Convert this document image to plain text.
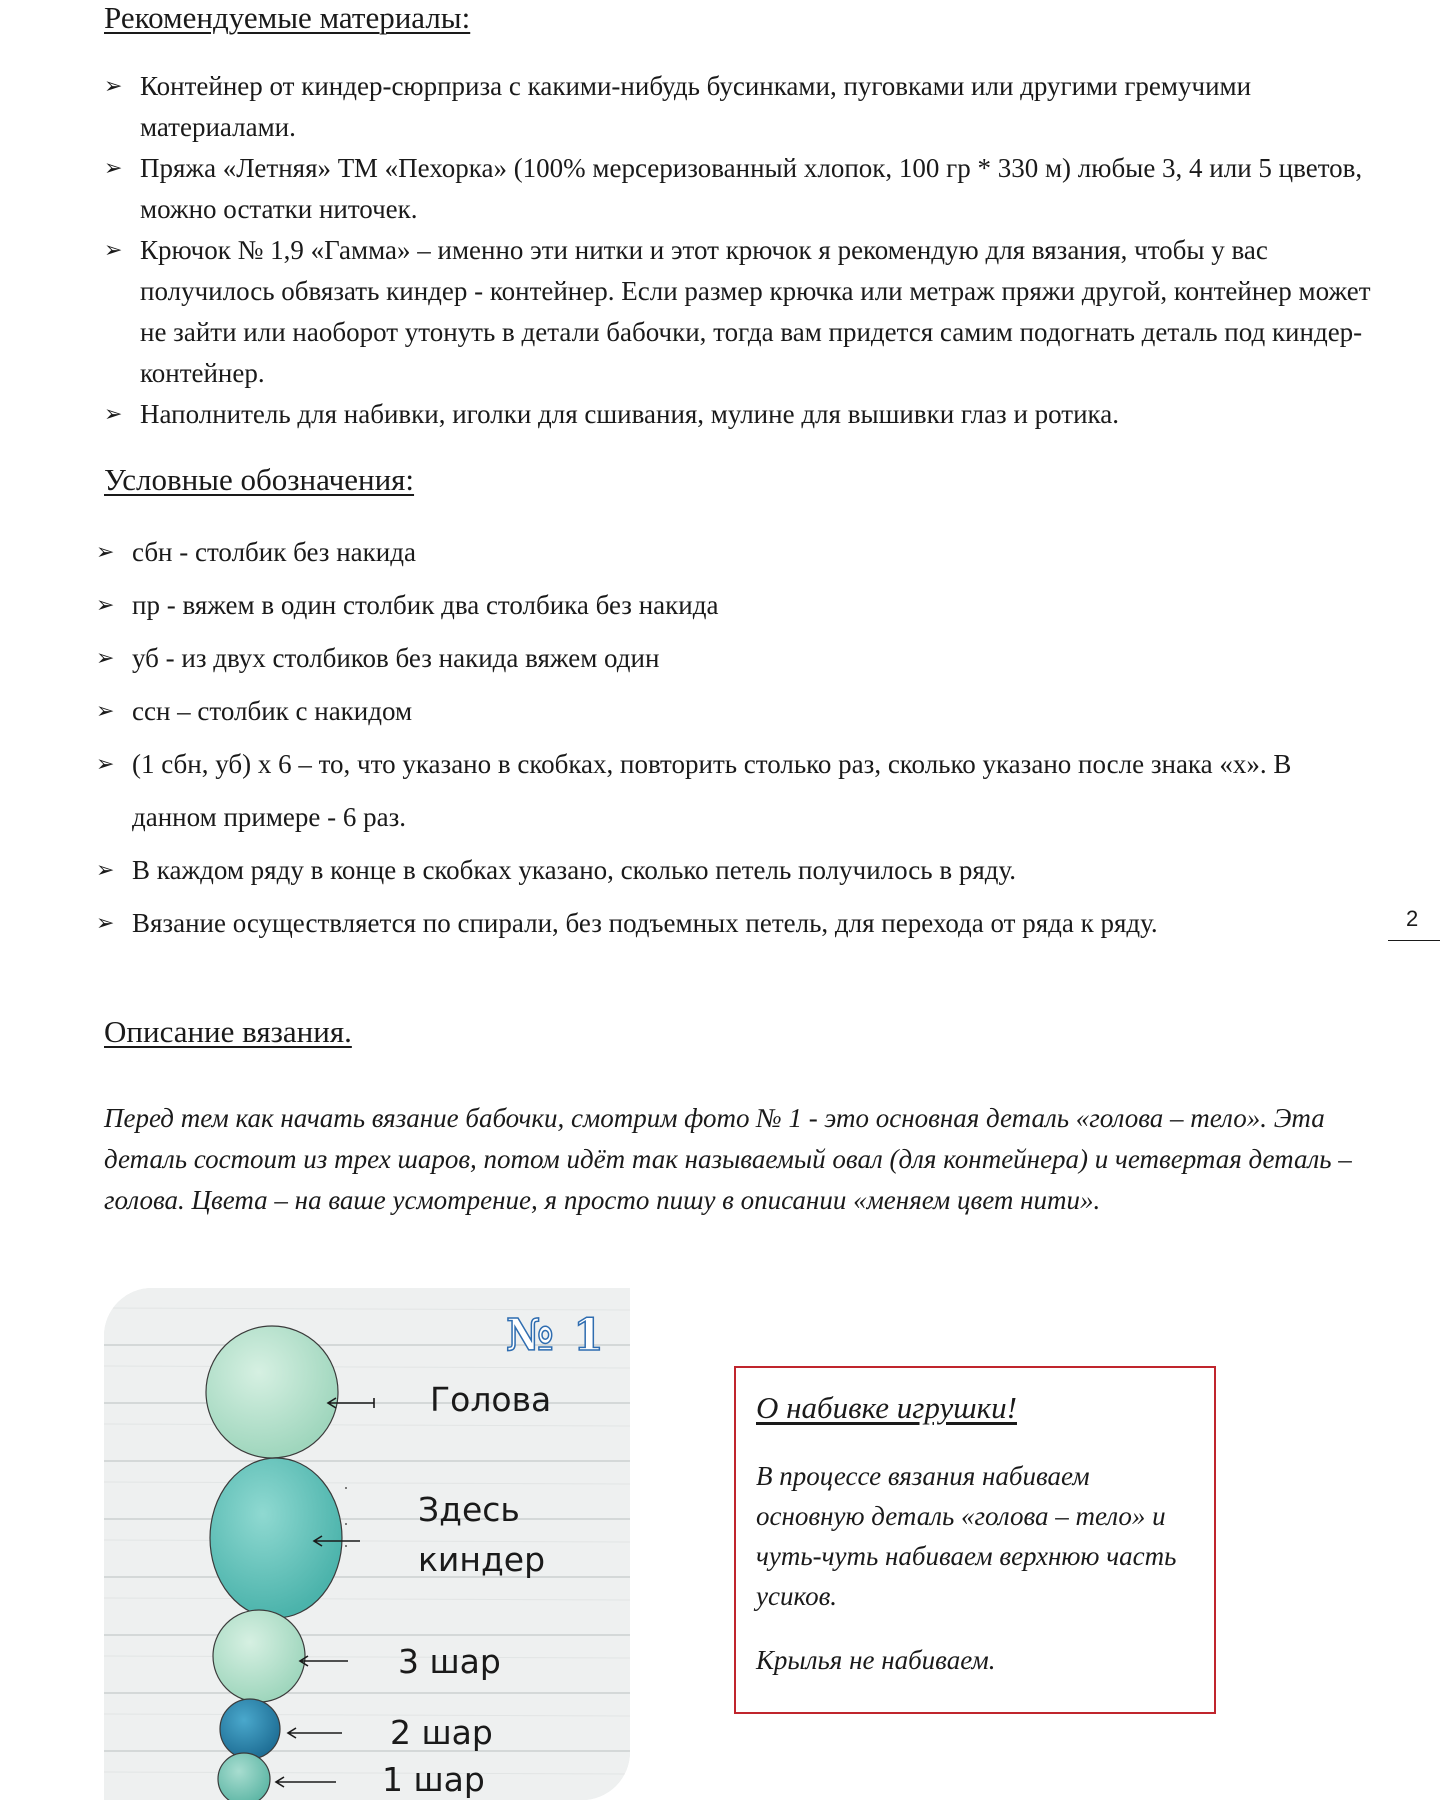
Рекомендуемые материалы:
➢ Контейнер от киндер-сюрприза с какими-нибудь бусинками, пуговками или другими гремучими материалами.
➢ Пряжа «Летняя» ТМ «Пехорка» (100% мерсеризованный хлопок, 100 гр * 330 м) любые 3, 4 или 5 цветов, можно остатки ниточек.
➢ Крючок № 1,9 «Гамма» – именно эти нитки и этот крючок я рекомендую для вязания, чтобы у вас получилось обвязать киндер - контейнер. Если размер крючка или метраж пряжи другой, контейнер может не зайти или наоборот утонуть в детали бабочки, тогда вам придется самим подогнать деталь под киндер-контейнер.
➢ Наполнитель для набивки, иголки для сшивания, мулине для вышивки глаз и ротика.
Условные обозначения:
➢ сбн - столбик без накида
➢ пр - вяжем в один столбик два столбика без накида
➢ уб - из двух столбиков без накида вяжем один
➢ ссн – столбик с накидом
➢ (1 сбн, уб) х 6 – то, что указано в скобках, повторить столько раз, сколько указано после знака «х». В данном примере - 6 раз.
➢ В каждом ряду в конце в скобках указано, сколько петель получилось в ряду.
➢ Вязание осуществляется по спирали, без подъемных петель, для перехода от ряда к ряду.	2
Описание вязания.

Перед тем как начать вязание бабочки, смотрим фото № 1 - это основная деталь «голова – тело». Эта деталь состоит из трех шаров, потом идёт так называемый овал (для контейнера) и четвертая деталь – голова. Цвета – на ваше усмотрение, я просто пишу в описании «меняем цвет нити».

№ 1
Голова
Здесь
киндер
3 шар
2 шар
1 шар

О набивке игрушки!

В процессе вязания набиваем основную деталь «голова – тело» и чуть-чуть набиваем верхнюю часть усиков.

Крылья не набиваем.
